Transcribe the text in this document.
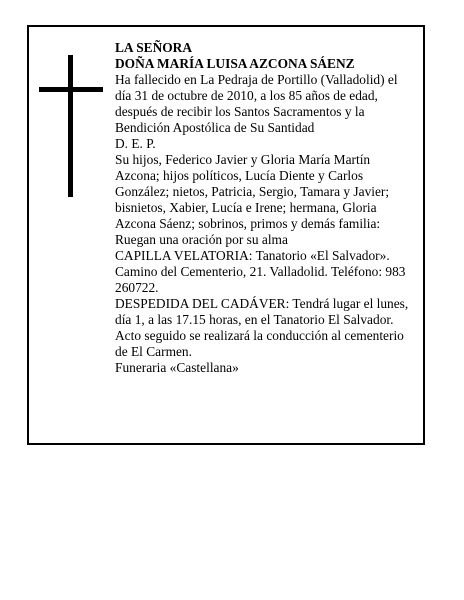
LA SEÑORA

DOÑA MARÍA LUISA AZCONA SÁENZ

Ha fallecido en La Pedraja de Portillo (Valladolid) el día 31 de octubre de 2010, a los 85 años de edad, después de recibir los Santos Sacramentos y la Bendición Apostólica de Su Santidad

D. E. P.

Su hijos, Federico Javier y Gloria María Martín Azcona; hijos políticos, Lucía Diente y Carlos González; nietos, Patricia, Sergio, Tamara y Javier; bisnietos, Xabier, Lucía e Irene; hermana, Gloria Azcona Sáenz; sobrinos, primos y demás familia:

Ruegan una oración por su alma

CAPILLA VELATORIA: Tanatorio «El Salvador». Camino del Cementerio, 21. Valladolid. Teléfono: 983 260722.

DESPEDIDA DEL CADÁVER: Tendrá lugar el lunes, día 1, a las 17.15 horas, en el Tanatorio El Salvador. Acto seguido se realizará la conducción al cementerio de El Carmen.

Funeraria «Castellana»
